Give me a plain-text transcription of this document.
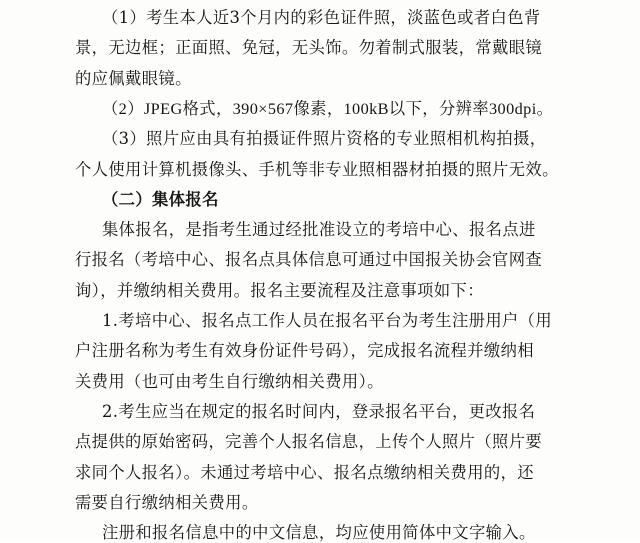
（1）考生本人近3个月内的彩色证件照，淡蓝色或者白色背
景，无边框；正面照、免冠，无头饰。勿着制式服装，常戴眼镜
的应佩戴眼镜。
（2）JPEG格式，390×567像素，100kB以下，分辨率300dpi。
（3）照片应由具有拍摄证件照片资格的专业照相机构拍摄，
个人使用计算机摄像头、手机等非专业照相器材拍摄的照片无效。
（二）集体报名
集体报名，是指考生通过经批准设立的考培中心、报名点进
行报名（考培中心、报名点具体信息可通过中国报关协会官网查
询），并缴纳相关费用。报名主要流程及注意事项如下：
1.考培中心、报名点工作人员在报名平台为考生注册用户（用
户注册名称为考生有效身份证件号码），完成报名流程并缴纳相
关费用（也可由考生自行缴纳相关费用）。
2.考生应当在规定的报名时间内，登录报名平台，更改报名
点提供的原始密码，完善个人报名信息，上传个人照片（照片要
求同个人报名）。未通过考培中心、报名点缴纳相关费用的，还
需要自行缴纳相关费用。
注册和报名信息中的中文信息，均应使用简体中文字输入。
